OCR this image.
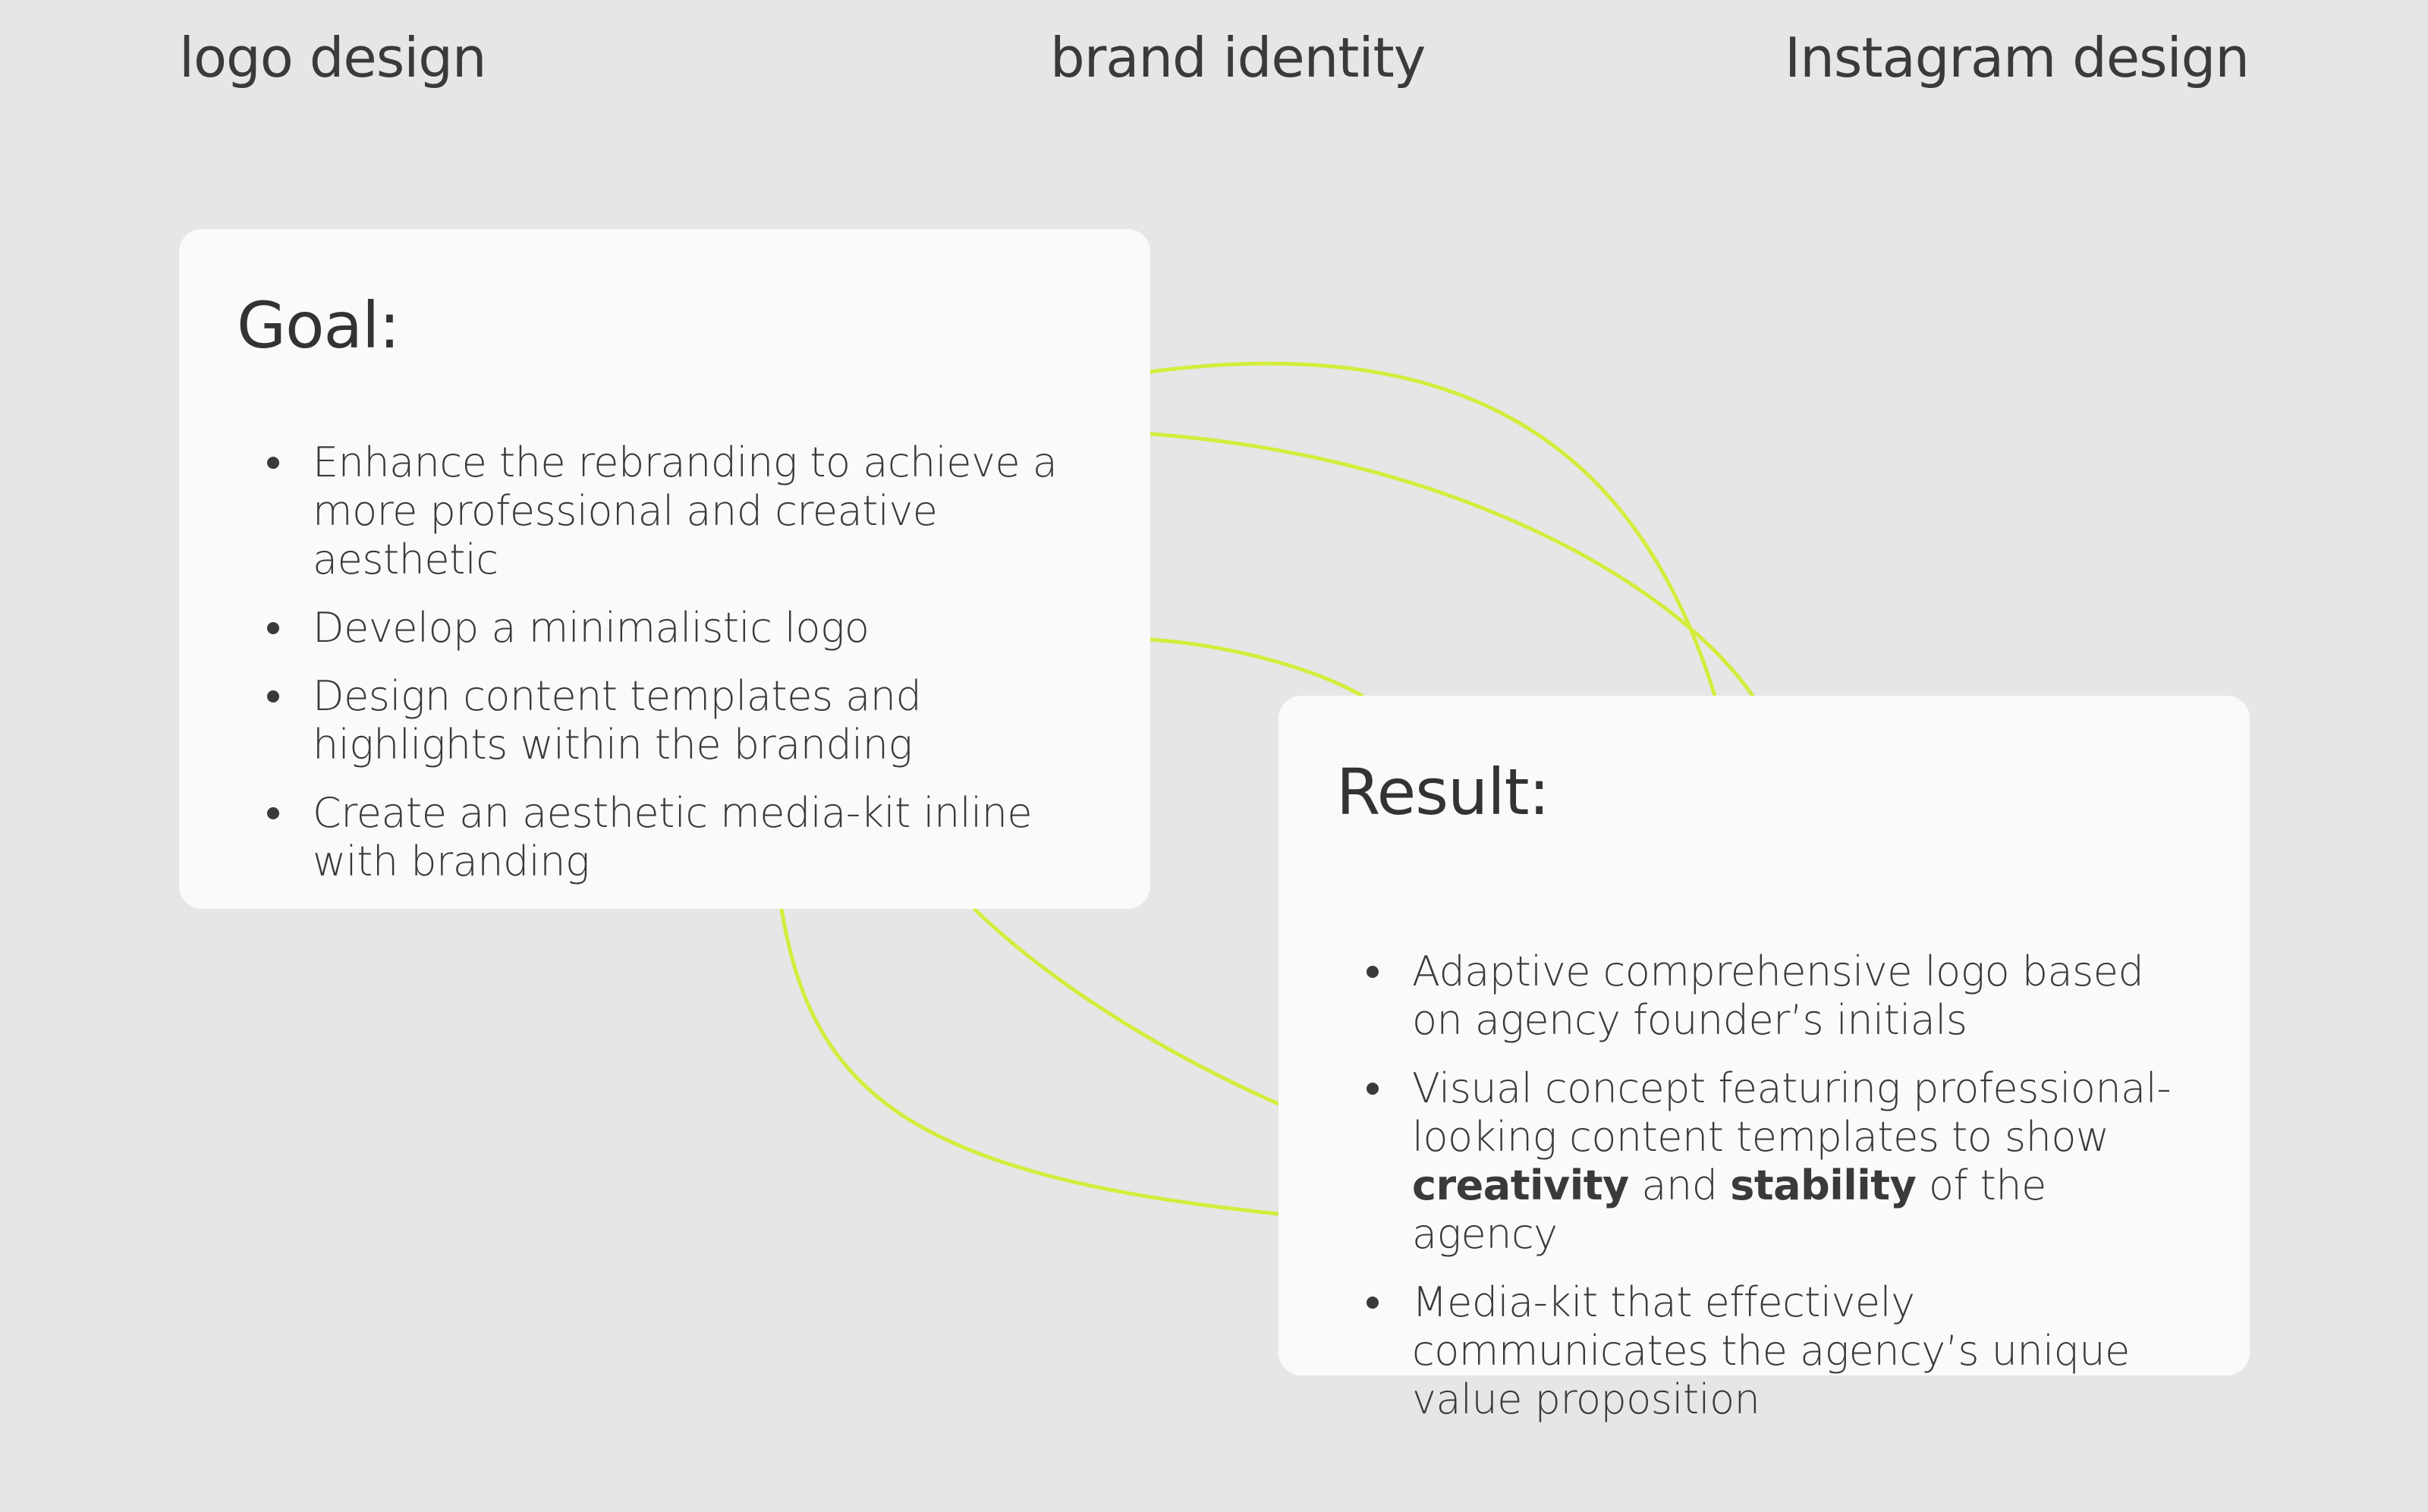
logo design	brand identity	Instagram design
Goal:
Enhance the rebranding to achieve a more professional and creative aesthetic
Develop a minimalistic logo
Design content templates and highlights within the branding
Create an aesthetic media-kit inline with branding
Result:
Adaptive comprehensive logo based on agency founder’s initials
Visual concept featuring professional-looking content templates to show creativity and stability of the agency
Media-kit that effectively communicates the agency’s unique value proposition
